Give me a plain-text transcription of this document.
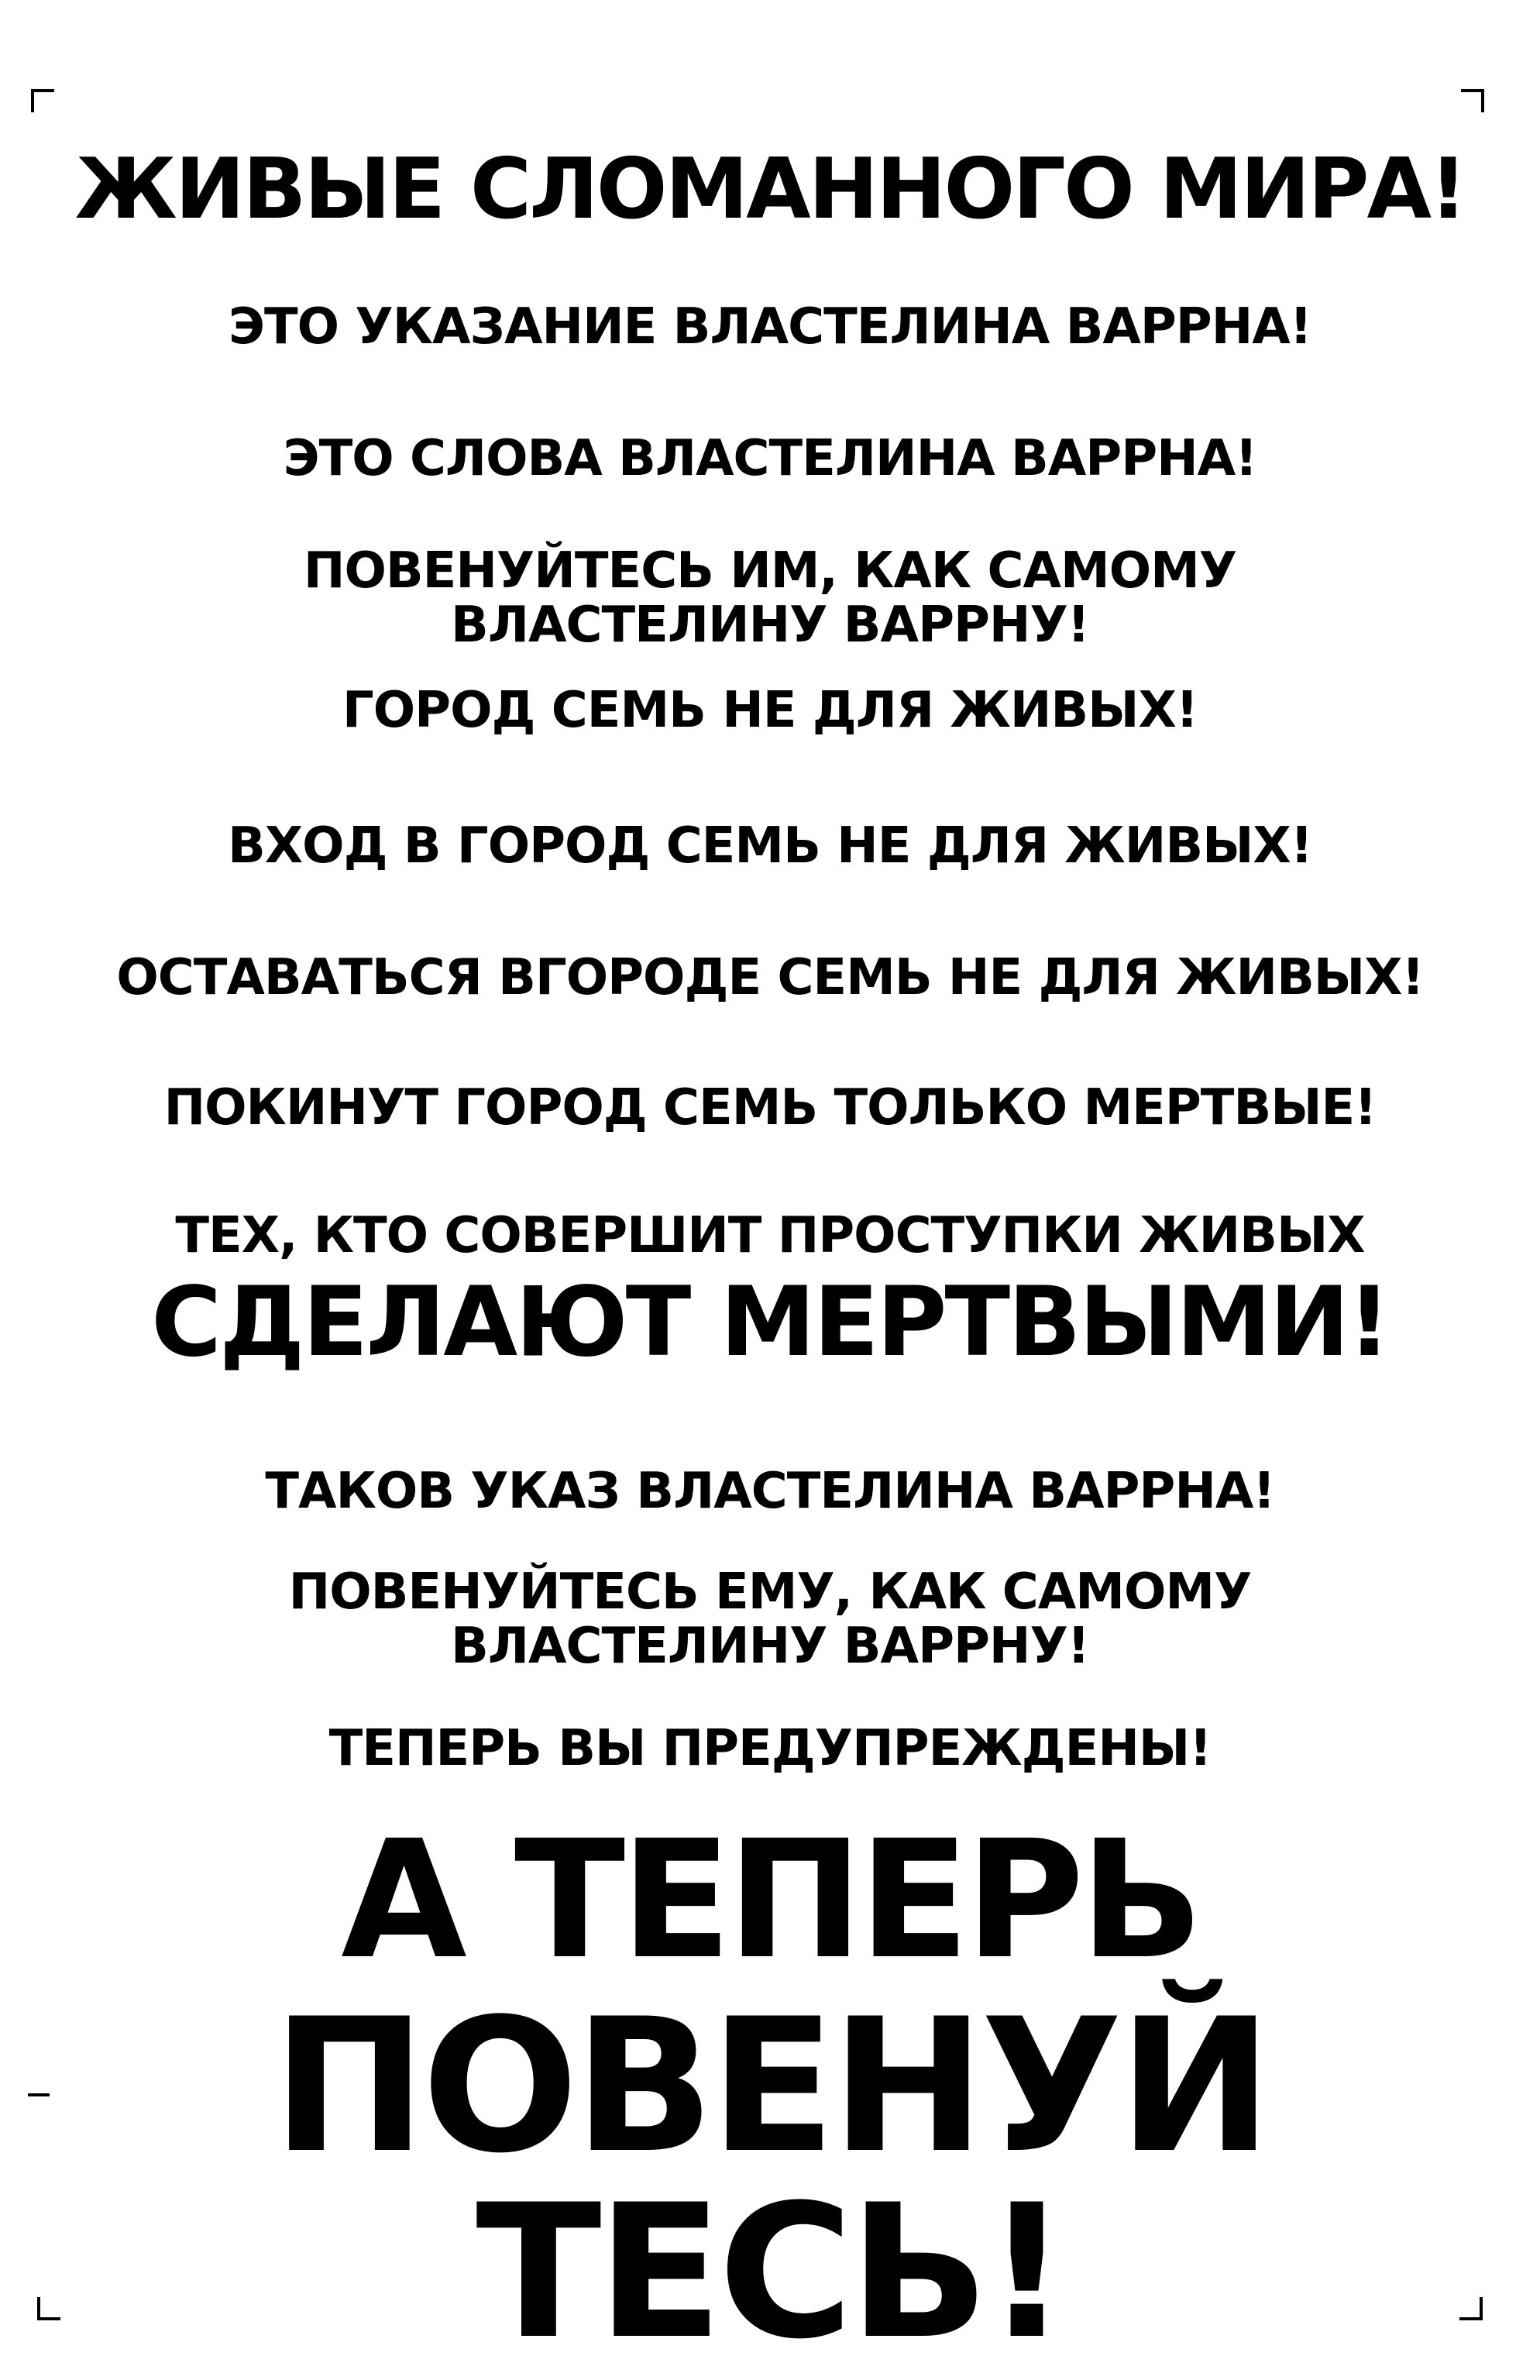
ЖИВЫЕ СЛОМАННОГО МИРА!
ЭТО УКАЗАНИЕ ВЛАСТЕЛИНА ВАРРНА!
ЭТО СЛОВА ВЛАСТЕЛИНА ВАРРНА!
ПОВЕНУЙТЕСЬ ИМ, КАК САМОМУ
ВЛАСТЕЛИНУ ВАРРНУ!
ГОРОД СЕМЬ НЕ ДЛЯ ЖИВЫХ!
ВХОД В ГОРОД СЕМЬ НЕ ДЛЯ ЖИВЫХ!
ОСТАВАТЬСЯ ВГОРОДЕ СЕМЬ НЕ ДЛЯ ЖИВЫХ!
ПОКИНУТ ГОРОД СЕМЬ ТОЛЬКО МЕРТВЫЕ!
ТЕХ, КТО СОВЕРШИТ ПРОСТУПКИ ЖИВЫХ
СДЕЛАЮТ МЕРТВЫМИ!
ТАКОВ УКАЗ ВЛАСТЕЛИНА ВАРРНА!
ПОВЕНУЙТЕСЬ ЕМУ, КАК САМОМУ
ВЛАСТЕЛИНУ ВАРРНУ!
ТЕПЕРЬ ВЫ ПРЕДУПРЕЖДЕНЫ!
А ТЕПЕРЬ
ПОВЕНУЙ
ТЕСЬ!
